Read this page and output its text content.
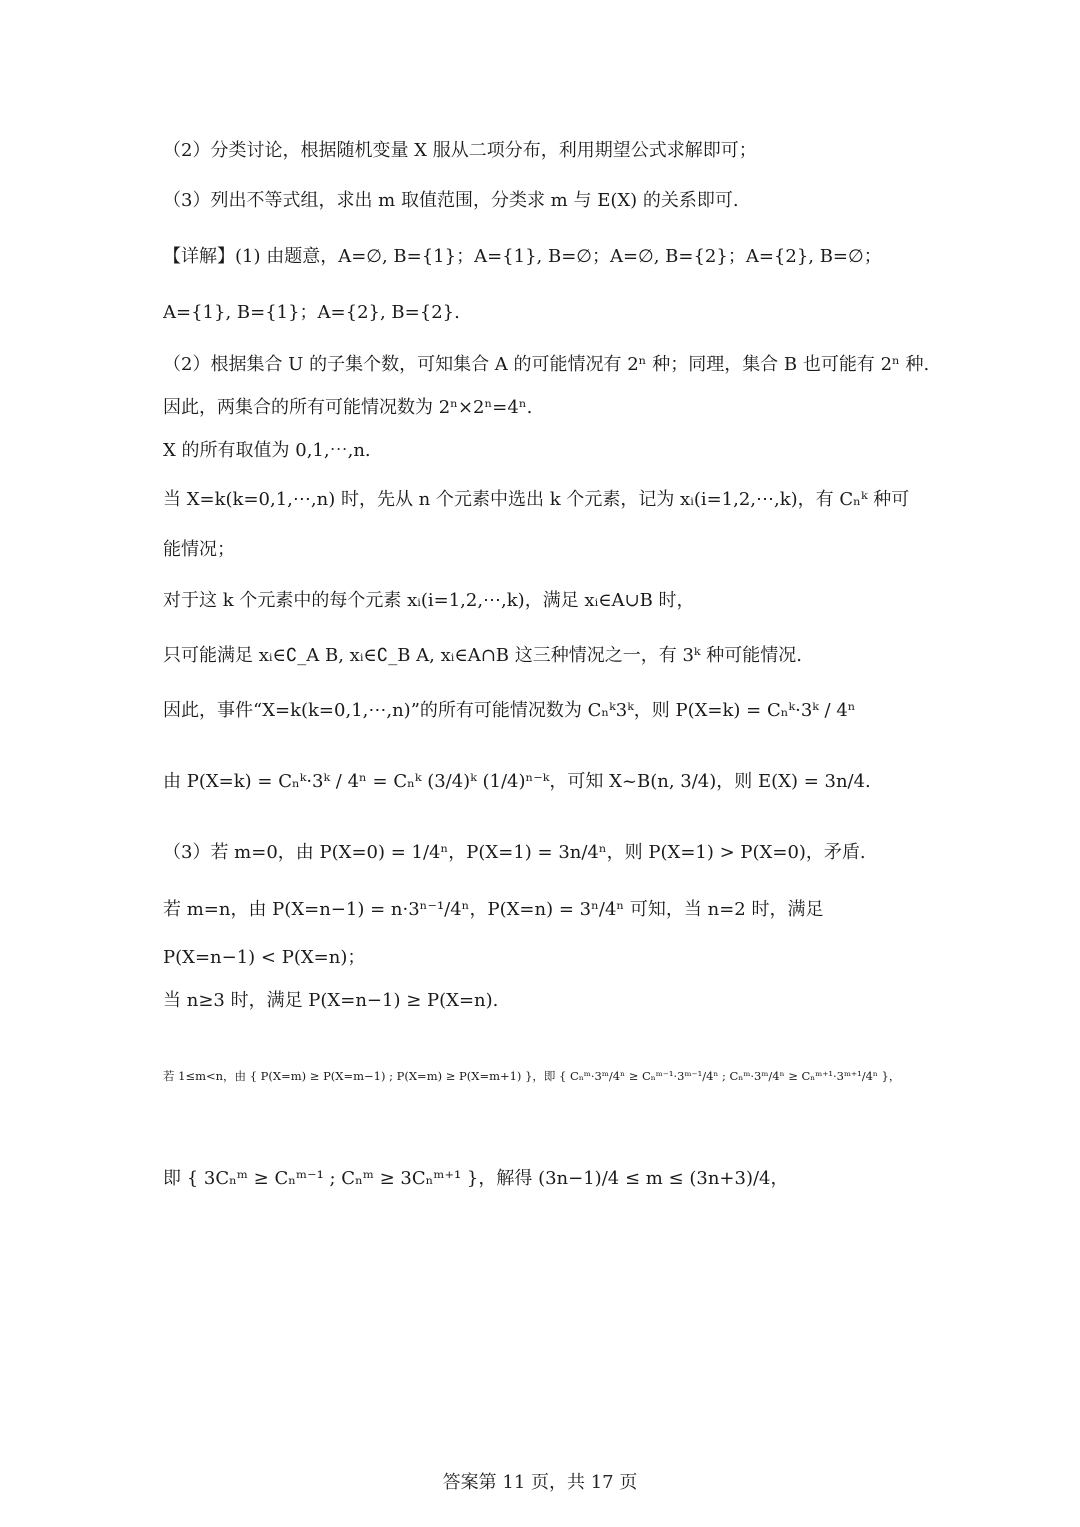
（2）分类讨论，根据随机变量 X 服从二项分布，利用期望公式求解即可；
（3）列出不等式组，求出 m 取值范围，分类求 m 与 E(X) 的关系即可.
【详解】(1) 由题意，A=∅, B={1}；A={1}, B=∅；A=∅, B={2}；A={2}, B=∅；
A={1}, B={1}；A={2}, B={2}.
（2）根据集合 U 的子集个数，可知集合 A 的可能情况有 2ⁿ 种；同理，集合 B 也可能有 2ⁿ 种.
因此，两集合的所有可能情况数为 2ⁿ×2ⁿ=4ⁿ.
X 的所有取值为 0,1,⋯,n.
当 X=k(k=0,1,⋯,n) 时，先从 n 个元素中选出 k 个元素，记为 xᵢ(i=1,2,⋯,k)，有 Cₙᵏ 种可
能情况；
对于这 k 个元素中的每个元素 xᵢ(i=1,2,⋯,k)，满足 xᵢ∈A∪B 时，
只可能满足 xᵢ∈∁_A B, xᵢ∈∁_B A, xᵢ∈A∩B 这三种情况之一，有 3ᵏ 种可能情况.
因此，事件“X=k(k=0,1,⋯,n)”的所有可能情况数为 Cₙᵏ3ᵏ，则 P(X=k) = Cₙᵏ·3ᵏ / 4ⁿ
由 P(X=k) = Cₙᵏ·3ᵏ / 4ⁿ = Cₙᵏ (3/4)ᵏ (1/4)ⁿ⁻ᵏ，可知 X~B(n, 3/4)，则 E(X) = 3n/4.
（3）若 m=0，由 P(X=0) = 1/4ⁿ，P(X=1) = 3n/4ⁿ，则 P(X=1) > P(X=0)，矛盾.
若 m=n，由 P(X=n−1) = n·3ⁿ⁻¹/4ⁿ，P(X=n) = 3ⁿ/4ⁿ 可知，当 n=2 时，满足
P(X=n−1) < P(X=n)；
当 n≥3 时，满足 P(X=n−1) ≥ P(X=n).
若 1≤m<n，由 { P(X=m) ≥ P(X=m−1) ; P(X=m) ≥ P(X=m+1) }，即 { Cₙᵐ·3ᵐ/4ⁿ ≥ Cₙᵐ⁻¹·3ᵐ⁻¹/4ⁿ ; Cₙᵐ·3ᵐ/4ⁿ ≥ Cₙᵐ⁺¹·3ᵐ⁺¹/4ⁿ }，
即 { 3Cₙᵐ ≥ Cₙᵐ⁻¹ ; Cₙᵐ ≥ 3Cₙᵐ⁺¹ }，解得 (3n−1)/4 ≤ m ≤ (3n+3)/4，
答案第 11 页，共 17 页
